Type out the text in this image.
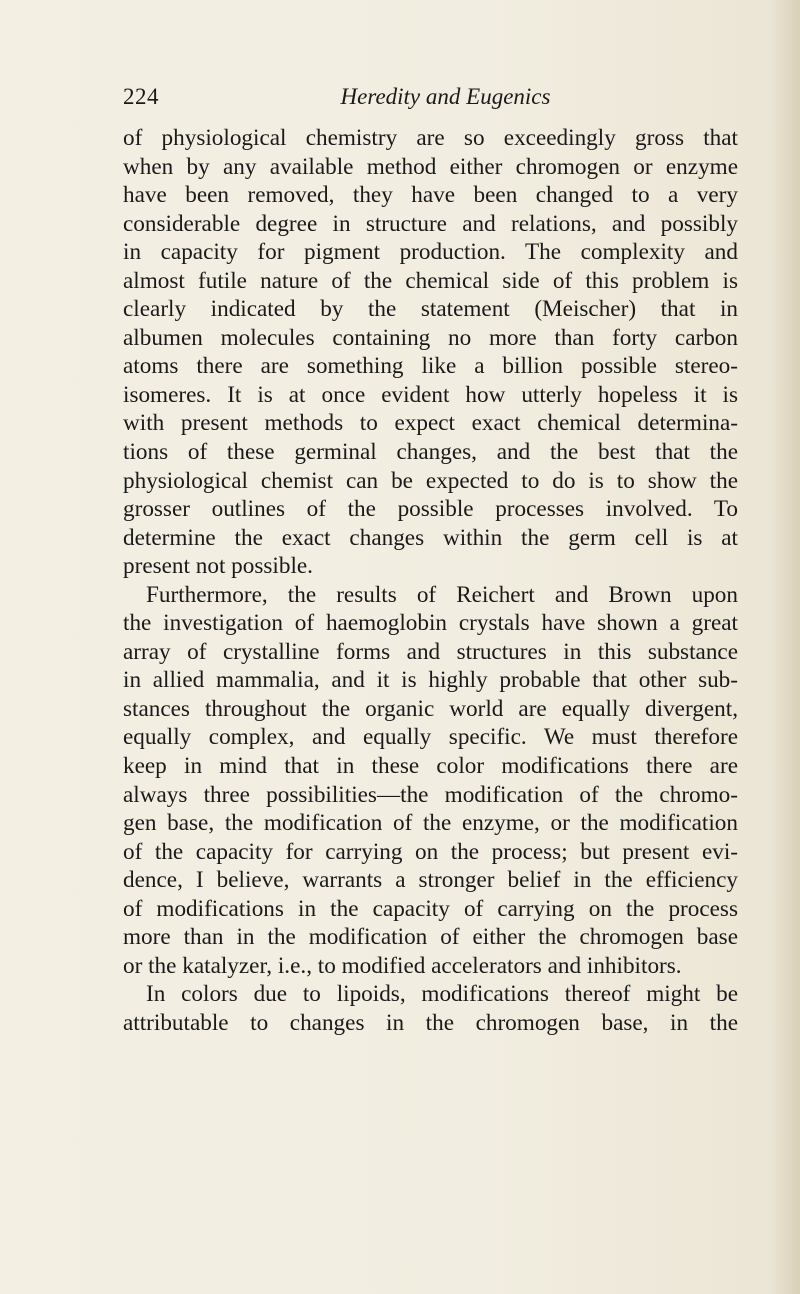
224	Heredity and Eugenics
of physiological chemistry are so exceedingly gross that
when by any available method either chromogen or enzyme
have been removed, they have been changed to a very
considerable degree in structure and relations, and possibly
in capacity for pigment production. The complexity and
almost futile nature of the chemical side of this problem is
clearly indicated by the statement (Meischer) that in
albumen molecules containing no more than forty carbon
atoms there are something like a billion possible stereo-
isomeres. It is at once evident how utterly hopeless it is
with present methods to expect exact chemical determina-
tions of these germinal changes, and the best that the
physiological chemist can be expected to do is to show the
grosser outlines of the possible processes involved. To
determine the exact changes within the germ cell is at
present not possible.
Furthermore, the results of Reichert and Brown upon
the investigation of haemoglobin crystals have shown a great
array of crystalline forms and structures in this substance
in allied mammalia, and it is highly probable that other sub-
stances throughout the organic world are equally divergent,
equally complex, and equally specific. We must therefore
keep in mind that in these color modifications there are
always three possibilities—the modification of the chromo-
gen base, the modification of the enzyme, or the modification
of the capacity for carrying on the process; but present evi-
dence, I believe, warrants a stronger belief in the efficiency
of modifications in the capacity of carrying on the process
more than in the modification of either the chromogen base
or the katalyzer, i.e., to modified accelerators and inhibitors.
In colors due to lipoids, modifications thereof might be
attributable to changes in the chromogen base, in the
